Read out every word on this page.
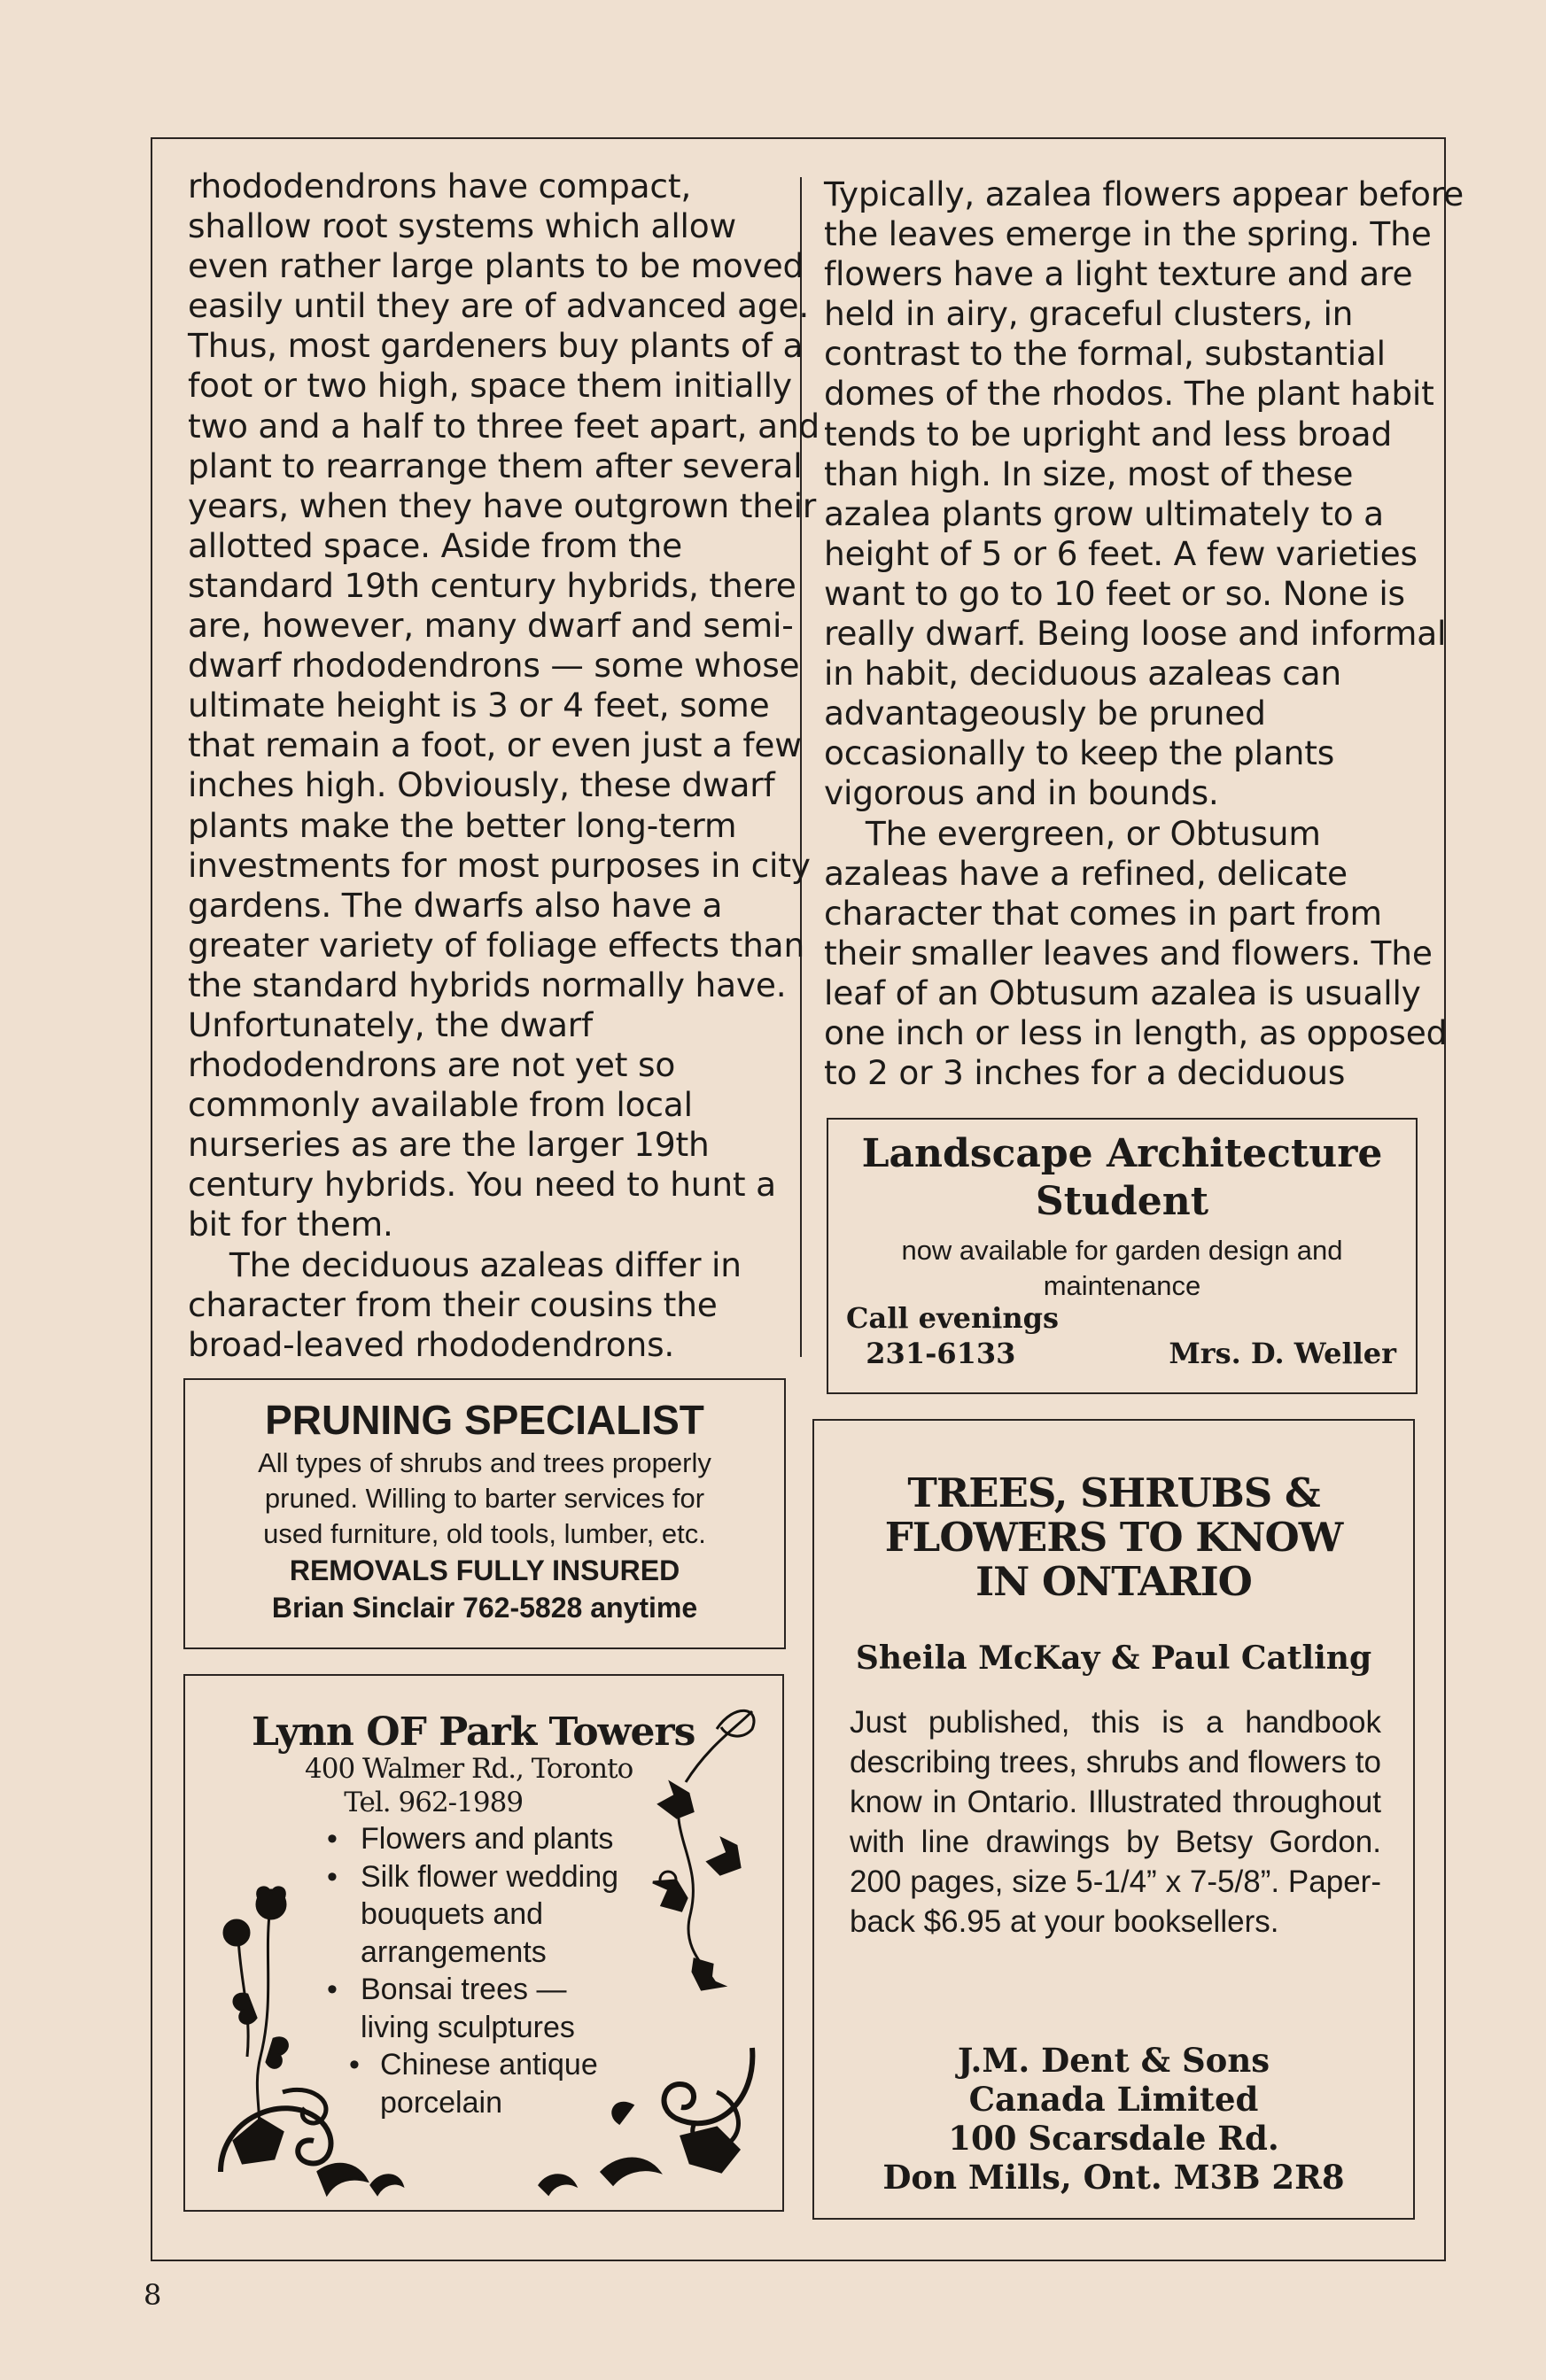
rhododendrons have compact,
shallow root systems which allow
even rather large plants to be moved
easily until they are of advanced age.
Thus, most gardeners buy plants of a
foot or two high, space them initially
two and a half to three feet apart, and
plant to rearrange them after several
years, when they have outgrown their
allotted space. Aside from the
standard 19th century hybrids, there
are, however, many dwarf and semi-
dwarf rhododendrons — some whose
ultimate height is 3 or 4 feet, some
that remain a foot, or even just a few
inches high. Obviously, these dwarf
plants make the better long-term
investments for most purposes in city
gardens. The dwarfs also have a
greater variety of foliage effects than
the standard hybrids normally have.
Unfortunately, the dwarf
rhododendrons are not yet so
commonly available from local
nurseries as are the larger 19th
century hybrids. You need to hunt a
bit for them.
The deciduous azaleas differ in
character from their cousins the
broad-leaved rhododendrons.

Typically, azalea flowers appear before
the leaves emerge in the spring. The
flowers have a light texture and are
held in airy, graceful clusters, in
contrast to the formal, substantial
domes of the rhodos. The plant habit
tends to be upright and less broad
than high. In size, most of these
azalea plants grow ultimately to a
height of 5 or 6 feet. A few varieties
want to go to 10 feet or so. None is
really dwarf. Being loose and informal
in habit, deciduous azaleas can
advantageously be pruned
occasionally to keep the plants
vigorous and in bounds.
The evergreen, or Obtusum
azaleas have a refined, delicate
character that comes in part from
their smaller leaves and flowers. The
leaf of an Obtusum azalea is usually
one inch or less in length, as opposed
to 2 or 3 inches for a deciduous

Landscape Architecture
Student
now available for garden design and
maintenance
Call evenings
231-6133	Mrs. D. Weller
PRUNING SPECIALIST
All types of shrubs and trees properly
pruned. Willing to barter services for
used furniture, old tools, lumber, etc.
REMOVALS FULLY INSURED
Brian Sinclair 762-5828 anytime
Lynn OF Park Towers
400 Walmer Rd., Toronto
Tel. 962-1989
• Flowers and plants
• Silk flower wedding
bouquets and
arrangements
• Bonsai trees —
living sculptures
• Chinese antique
porcelain
TREES, SHRUBS &
FLOWERS TO KNOW
IN ONTARIO
Sheila McKay & Paul Catling
Just published, this is a handbook describing trees, shrubs and flowers to know in Ontario. Illustrated throughout with line drawings by Betsy Gordon. 200 pages, size 5-1/4” x 7-5/8”. Paper-back $6.95 at your booksellers.
J.M. Dent & Sons
Canada Limited
100 Scarsdale Rd.
Don Mills, Ont. M3B 2R8
8
